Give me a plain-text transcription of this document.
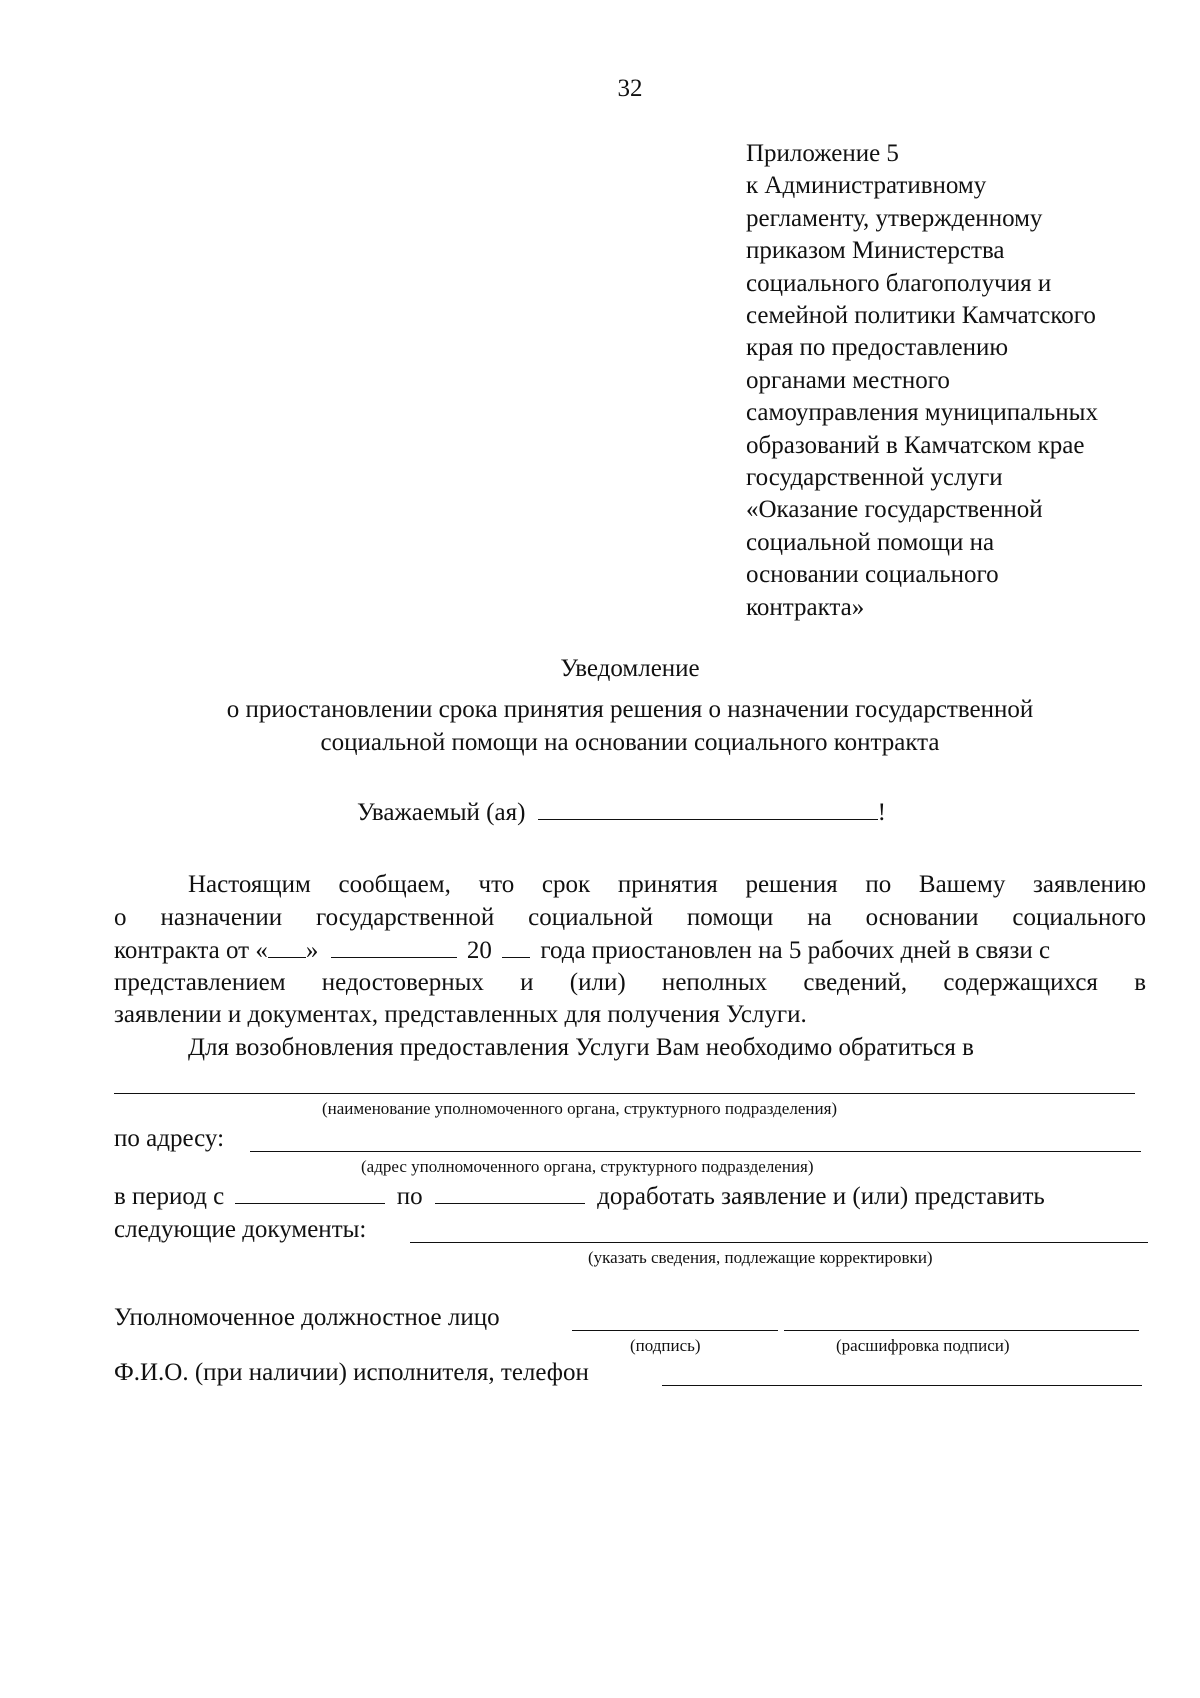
32
Приложение 5
к Административному
регламенту, утвержденному
приказом Министерства
социального благополучия и
семейной политики Камчатского
края по предоставлению
органами местного
самоуправления муниципальных
образований в Камчатском крае
государственной услуги
«Оказание государственной
социальной помощи на
основании социального
контракта»
Уведомление
о приостановлении срока принятия решения о назначении государственной
социальной помощи на основании социального контракта
Уважаемый (ая)	!
Настоящим сообщаем, что срок принятия решения по Вашему заявлению
о назначении государственной социальной помощи на основании социального
контракта от « »	20 года приостановлен на 5 рабочих дней в связи с
представлением недостоверных и (или) неполных сведений, содержащихся в
заявлении и документах, представленных для получения Услуги.
Для возобновления предоставления Услуги Вам необходимо обратиться в
(наименование уполномоченного органа, структурного подразделения)
по адресу:
(адрес уполномоченного органа, структурного подразделения)
в период с	по	доработать заявление и (или) представить
следующие документы:
(указать сведения, подлежащие корректировки)
Уполномоченное должностное лицо
(подпись)	(расшифровка подписи)
Ф.И.О. (при наличии) исполнителя, телефон
